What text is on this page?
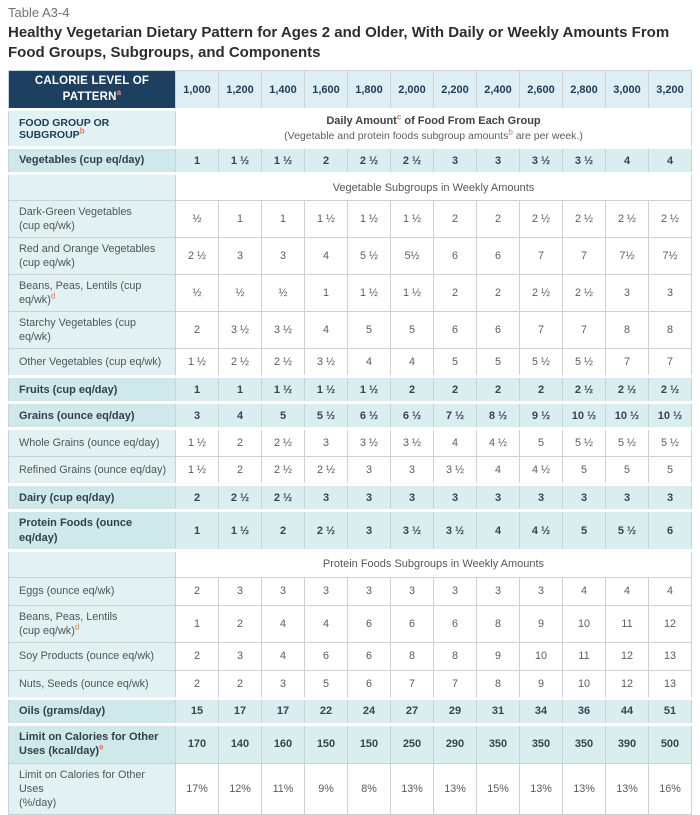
Table A3-4
Healthy Vegetarian Dietary Pattern for Ages 2 and Older, With Daily or Weekly Amounts From Food Groups, Subgroups, and Components
CALORIE LEVEL OF PATTERN$^a$	1,000	1,200	1,400	1,600	1,800	2,000	2,200	2,400	2,600	2,800	3,000	3,200
FOOD GROUP OR SUBGROUP$^b$	Daily Amount$^c$ of Food From Each Group
(Vegetable and protein foods subgroup amounts$^b$ are per week.)											

Vegetables (cup eq/day)	1	1 ½	1 ½	2	2 ½	2 ½	3	3	3 ½	3 ½	4	4
	Vegetable Subgroups in Weekly Amounts											
Dark-Green Vegetables
(cup eq/wk)	½	1	1	1 ½	1 ½	1 ½	2	2	2 ½	2 ½	2 ½	2 ½
Red and Orange Vegetables
(cup eq/wk)	2 ½	3	3	4	5 ½	5½	6	6	7	7	7½	7½
Beans, Peas, Lentils (cup eq/wk)$^d$	½	½	½	1	1 ½	1 ½	2	2	2 ½	2 ½	3	3
Starchy Vegetables (cup eq/wk)	2	3 ½	3 ½	4	5	5	6	6	7	7	8	8
Other Vegetables (cup eq/wk)	1 ½	2 ½	2 ½	3 ½	4	4	5	5	5 ½	5 ½	7	7
Fruits (cup eq/day)	1	1	1 ½	1 ½	1 ½	2	2	2	2	2 ½	2 ½	2 ½
Grains (ounce eq/day)	3	4	5	5 ½	6 ½	6 ½	7 ½	8 ½	9 ½	10 ½	10 ½	10 ½
Whole Grains (ounce eq/day)	1 ½	2	2 ½	3	3 ½	3 ½	4	4 ½	5	5 ½	5 ½	5 ½
Refined Grains (ounce eq/day)	1 ½	2	2 ½	2 ½	3	3	3 ½	4	4 ½	5	5	5
Dairy (cup eq/day)	2	2 ½	2 ½	3	3	3	3	3	3	3	3	3
Protein Foods (ounce eq/day)	1	1 ½	2	2 ½	3	3 ½	3 ½	4	4 ½	5	5 ½	6
	Protein Foods Subgroups in Weekly Amounts											
Eggs (ounce eq/wk)	2	3	3	3	3	3	3	3	3	4	4	4
Beans, Peas, Lentils
(cup eq/wk)$^d$	1	2	4	4	6	6	6	8	9	10	11	12
Soy Products (ounce eq/wk)	2	3	4	6	6	8	8	9	10	11	12	13
Nuts, Seeds (ounce eq/wk)	2	2	3	5	6	7	7	8	9	10	12	13
Oils (grams/day)	15	17	17	22	24	27	29	31	34	36	44	51
Limit on Calories for Other
Uses (kcal/day)$^e$	170	140	160	150	150	250	290	350	350	350	390	500
Limit on Calories for Other Uses
(%/day)	17%	12%	11%	9%	8%	13%	13%	15%	13%	13%	13%	16%
